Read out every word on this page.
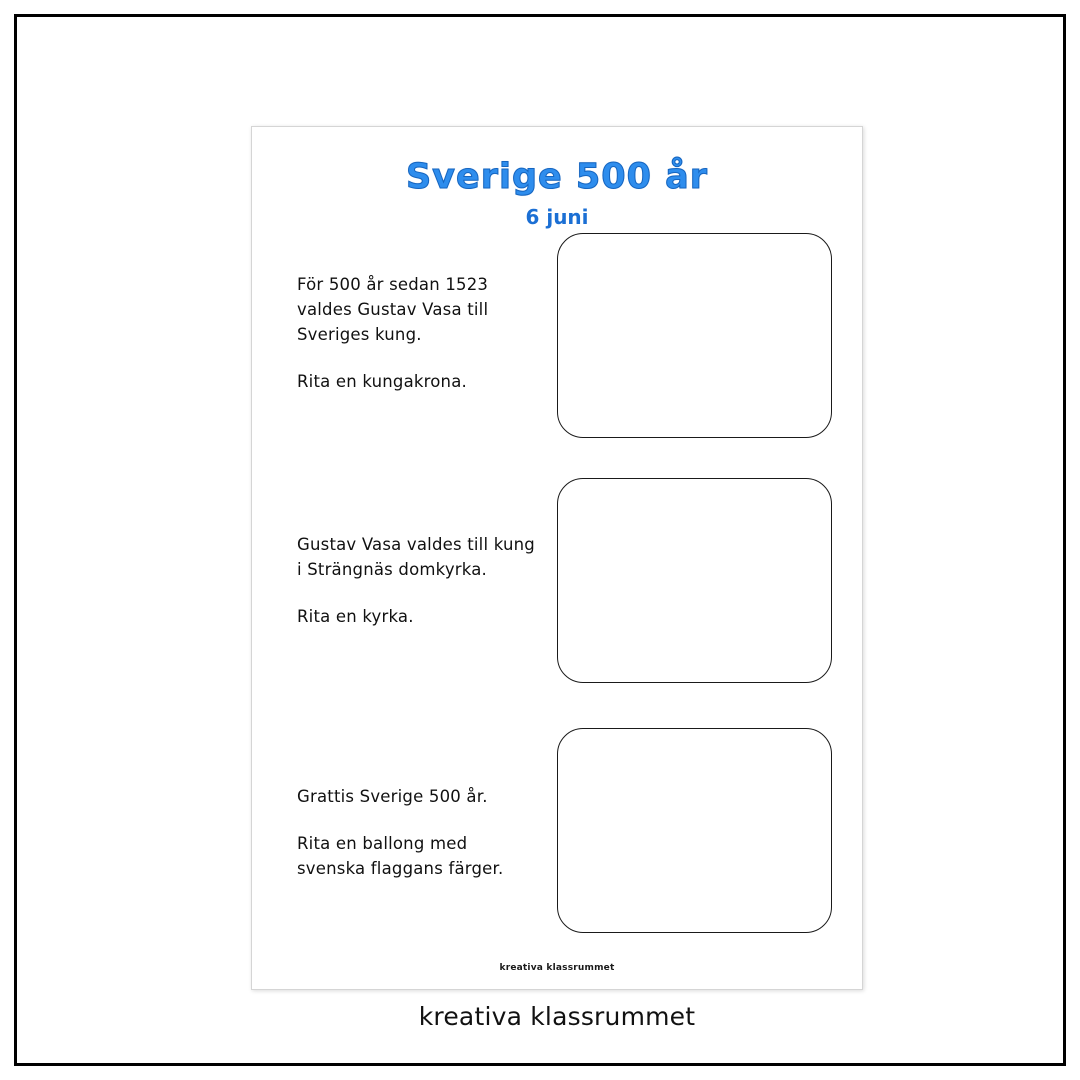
Sverige 500 år
6 juni

För 500 år sedan 1523 valdes Gustav Vasa till Sveriges kung.

Rita en kungakrona.

Gustav Vasa valdes till kung i Strängnäs domkyrka.

Rita en kyrka.

Grattis Sverige 500 år.

Rita en ballong med svenska flaggans färger.

kreativa klassrummet
kreativa klassrummet
